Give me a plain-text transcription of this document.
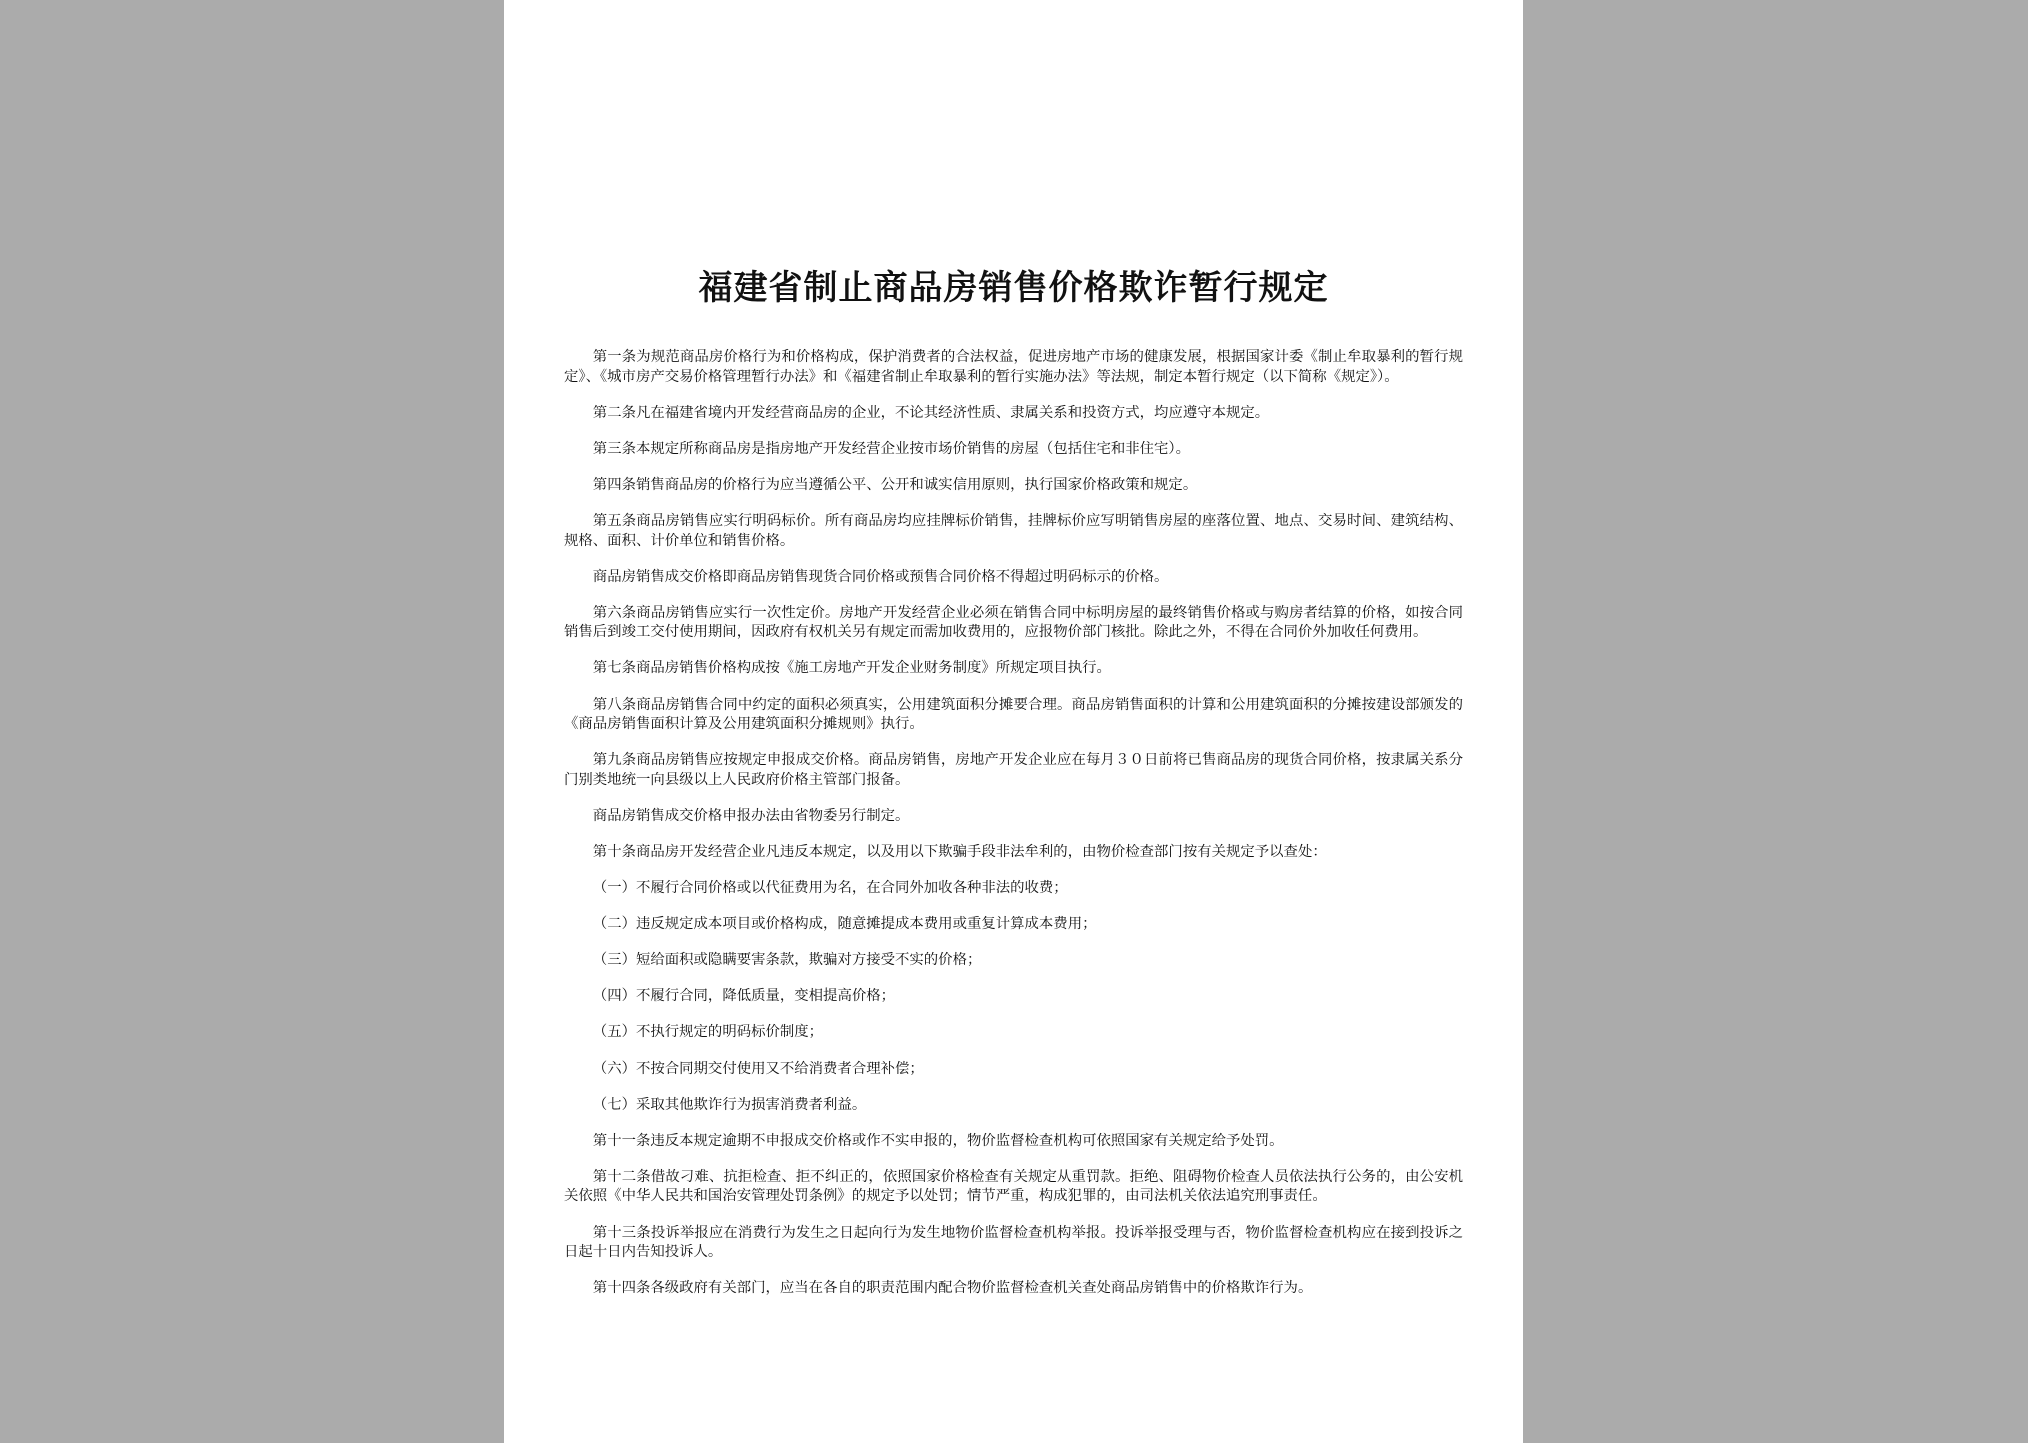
福建省制止商品房销售价格欺诈暂行规定

第一条为规范商品房价格行为和价格构成，保护消费者的合法权益，促进房地产市场的健康发展，根据国家计委《制止牟取暴利的暂行规定》、《城市房产交易价格管理暂行办法》和《福建省制止牟取暴利的暂行实施办法》等法规，制定本暂行规定（以下简称《规定》）。

第二条凡在福建省境内开发经营商品房的企业，不论其经济性质、隶属关系和投资方式，均应遵守本规定。

第三条本规定所称商品房是指房地产开发经营企业按市场价销售的房屋（包括住宅和非住宅）。

第四条销售商品房的价格行为应当遵循公平、公开和诚实信用原则，执行国家价格政策和规定。

第五条商品房销售应实行明码标价。所有商品房均应挂牌标价销售，挂牌标价应写明销售房屋的座落位置、地点、交易时间、建筑结构、规格、面积、计价单位和销售价格。

商品房销售成交价格即商品房销售现货合同价格或预售合同价格不得超过明码标示的价格。

第六条商品房销售应实行一次性定价。房地产开发经营企业必须在销售合同中标明房屋的最终销售价格或与购房者结算的价格，如按合同销售后到竣工交付使用期间，因政府有权机关另有规定而需加收费用的，应报物价部门核批。除此之外，不得在合同价外加收任何费用。

第七条商品房销售价格构成按《施工房地产开发企业财务制度》所规定项目执行。

第八条商品房销售合同中约定的面积必须真实，公用建筑面积分摊要合理。商品房销售面积的计算和公用建筑面积的分摊按建设部颁发的《商品房销售面积计算及公用建筑面积分摊规则》执行。

第九条商品房销售应按规定申报成交价格。商品房销售，房地产开发企业应在每月３０日前将已售商品房的现货合同价格，按隶属关系分门别类地统一向县级以上人民政府价格主管部门报备。

商品房销售成交价格申报办法由省物委另行制定。

第十条商品房开发经营企业凡违反本规定，以及用以下欺骗手段非法牟利的，由物价检查部门按有关规定予以查处：

（一）不履行合同价格或以代征费用为名，在合同外加收各种非法的收费；

（二）违反规定成本项目或价格构成，随意摊提成本费用或重复计算成本费用；

（三）短给面积或隐瞒要害条款，欺骗对方接受不实的价格；

（四）不履行合同，降低质量，变相提高价格；

（五）不执行规定的明码标价制度；

（六）不按合同期交付使用又不给消费者合理补偿；

（七）采取其他欺诈行为损害消费者利益。

第十一条违反本规定逾期不申报成交价格或作不实申报的，物价监督检查机构可依照国家有关规定给予处罚。

第十二条借故刁难、抗拒检查、拒不纠正的，依照国家价格检查有关规定从重罚款。拒绝、阻碍物价检查人员依法执行公务的，由公安机关依照《中华人民共和国治安管理处罚条例》的规定予以处罚；情节严重，构成犯罪的，由司法机关依法追究刑事责任。

第十三条投诉举报应在消费行为发生之日起向行为发生地物价监督检查机构举报。投诉举报受理与否，物价监督检查机构应在接到投诉之日起十日内告知投诉人。

第十四条各级政府有关部门，应当在各自的职责范围内配合物价监督检查机关查处商品房销售中的价格欺诈行为。
